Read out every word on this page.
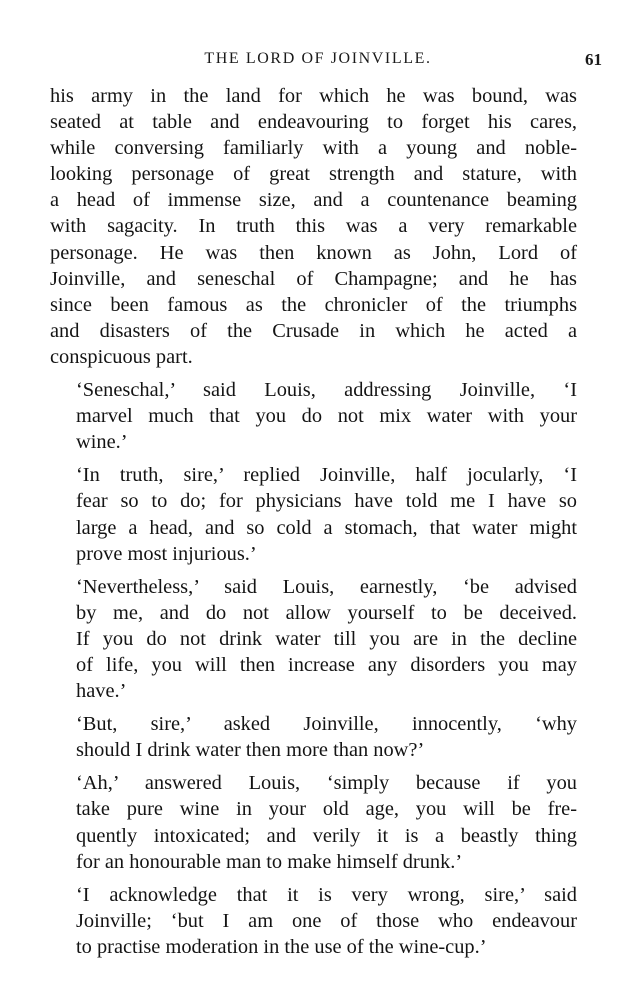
THE LORD OF JOINVILLE.	61

his army in the land for which he was bound, was
seated at table and endeavouring to forget his cares,
while conversing familiarly with a young and noble-
looking personage of great strength and stature, with
a head of immense size, and a countenance beaming
with sagacity. In truth this was a very remarkable
personage. He was then known as John, Lord of
Joinville, and seneschal of Champagne; and he has
since been famous as the chronicler of the triumphs
and disasters of the Crusade in which he acted a
conspicuous part.

‘Seneschal,’ said Louis, addressing Joinville, ‘I
marvel much that you do not mix water with your
wine.’

‘In truth, sire,’ replied Joinville, half jocularly, ‘I
fear so to do; for physicians have told me I have so
large a head, and so cold a stomach, that water might
prove most injurious.’

‘Nevertheless,’ said Louis, earnestly, ‘be advised
by me, and do not allow yourself to be deceived.
If you do not drink water till you are in the decline
of life, you will then increase any disorders you may
have.’

‘But, sire,’ asked Joinville, innocently, ‘why
should I drink water then more than now?’

‘Ah,’ answered Louis, ‘simply because if you
take pure wine in your old age, you will be fre-
quently intoxicated; and verily it is a beastly thing
for an honourable man to make himself drunk.’

‘I acknowledge that it is very wrong, sire,’ said
Joinville; ‘but I am one of those who endeavour
to practise moderation in the use of the wine-cup.’
